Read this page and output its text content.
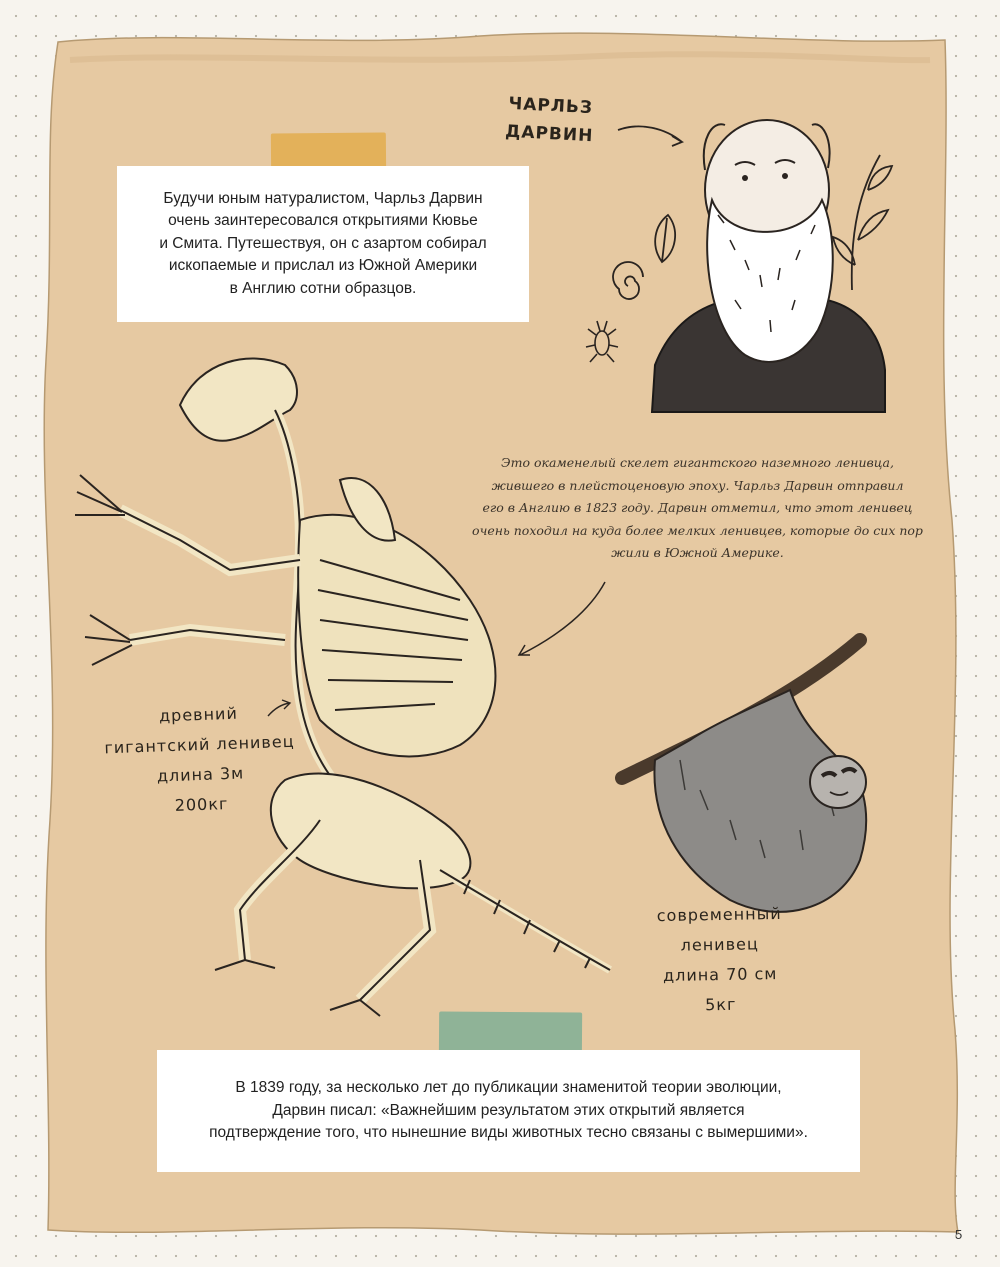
Будучи юным натуралистом, Чарльз Дарвин
очень заинтересовался открытиями Кювье
и Смита. Путешествуя, он с азартом собирал
ископаемые и прислал из Южной Америки
в Англию сотни образцов.

ЧАРЛЬЗ
ДАРВИН
Это окаменелый скелет гигантского наземного ленивца,
жившего в плейстоценовую эпоху. Чарльз Дарвин отправил
его в Англию в 1823 году. Дарвин отметил, что этот ленивец
очень походил на куда более мелких ленивцев, которые до сих пор
жили в Южной Америке.
древний
гигантский ленивец
длина 3м
200кг
современный
ленивец
длина 70 см
5кг

В 1839 году, за несколько лет до публикации знаменитой теории эволюции,
Дарвин писал: «Важнейшим результатом этих открытий является
подтверждение того, что нынешние виды животных тесно связаны с вымершими».

5
